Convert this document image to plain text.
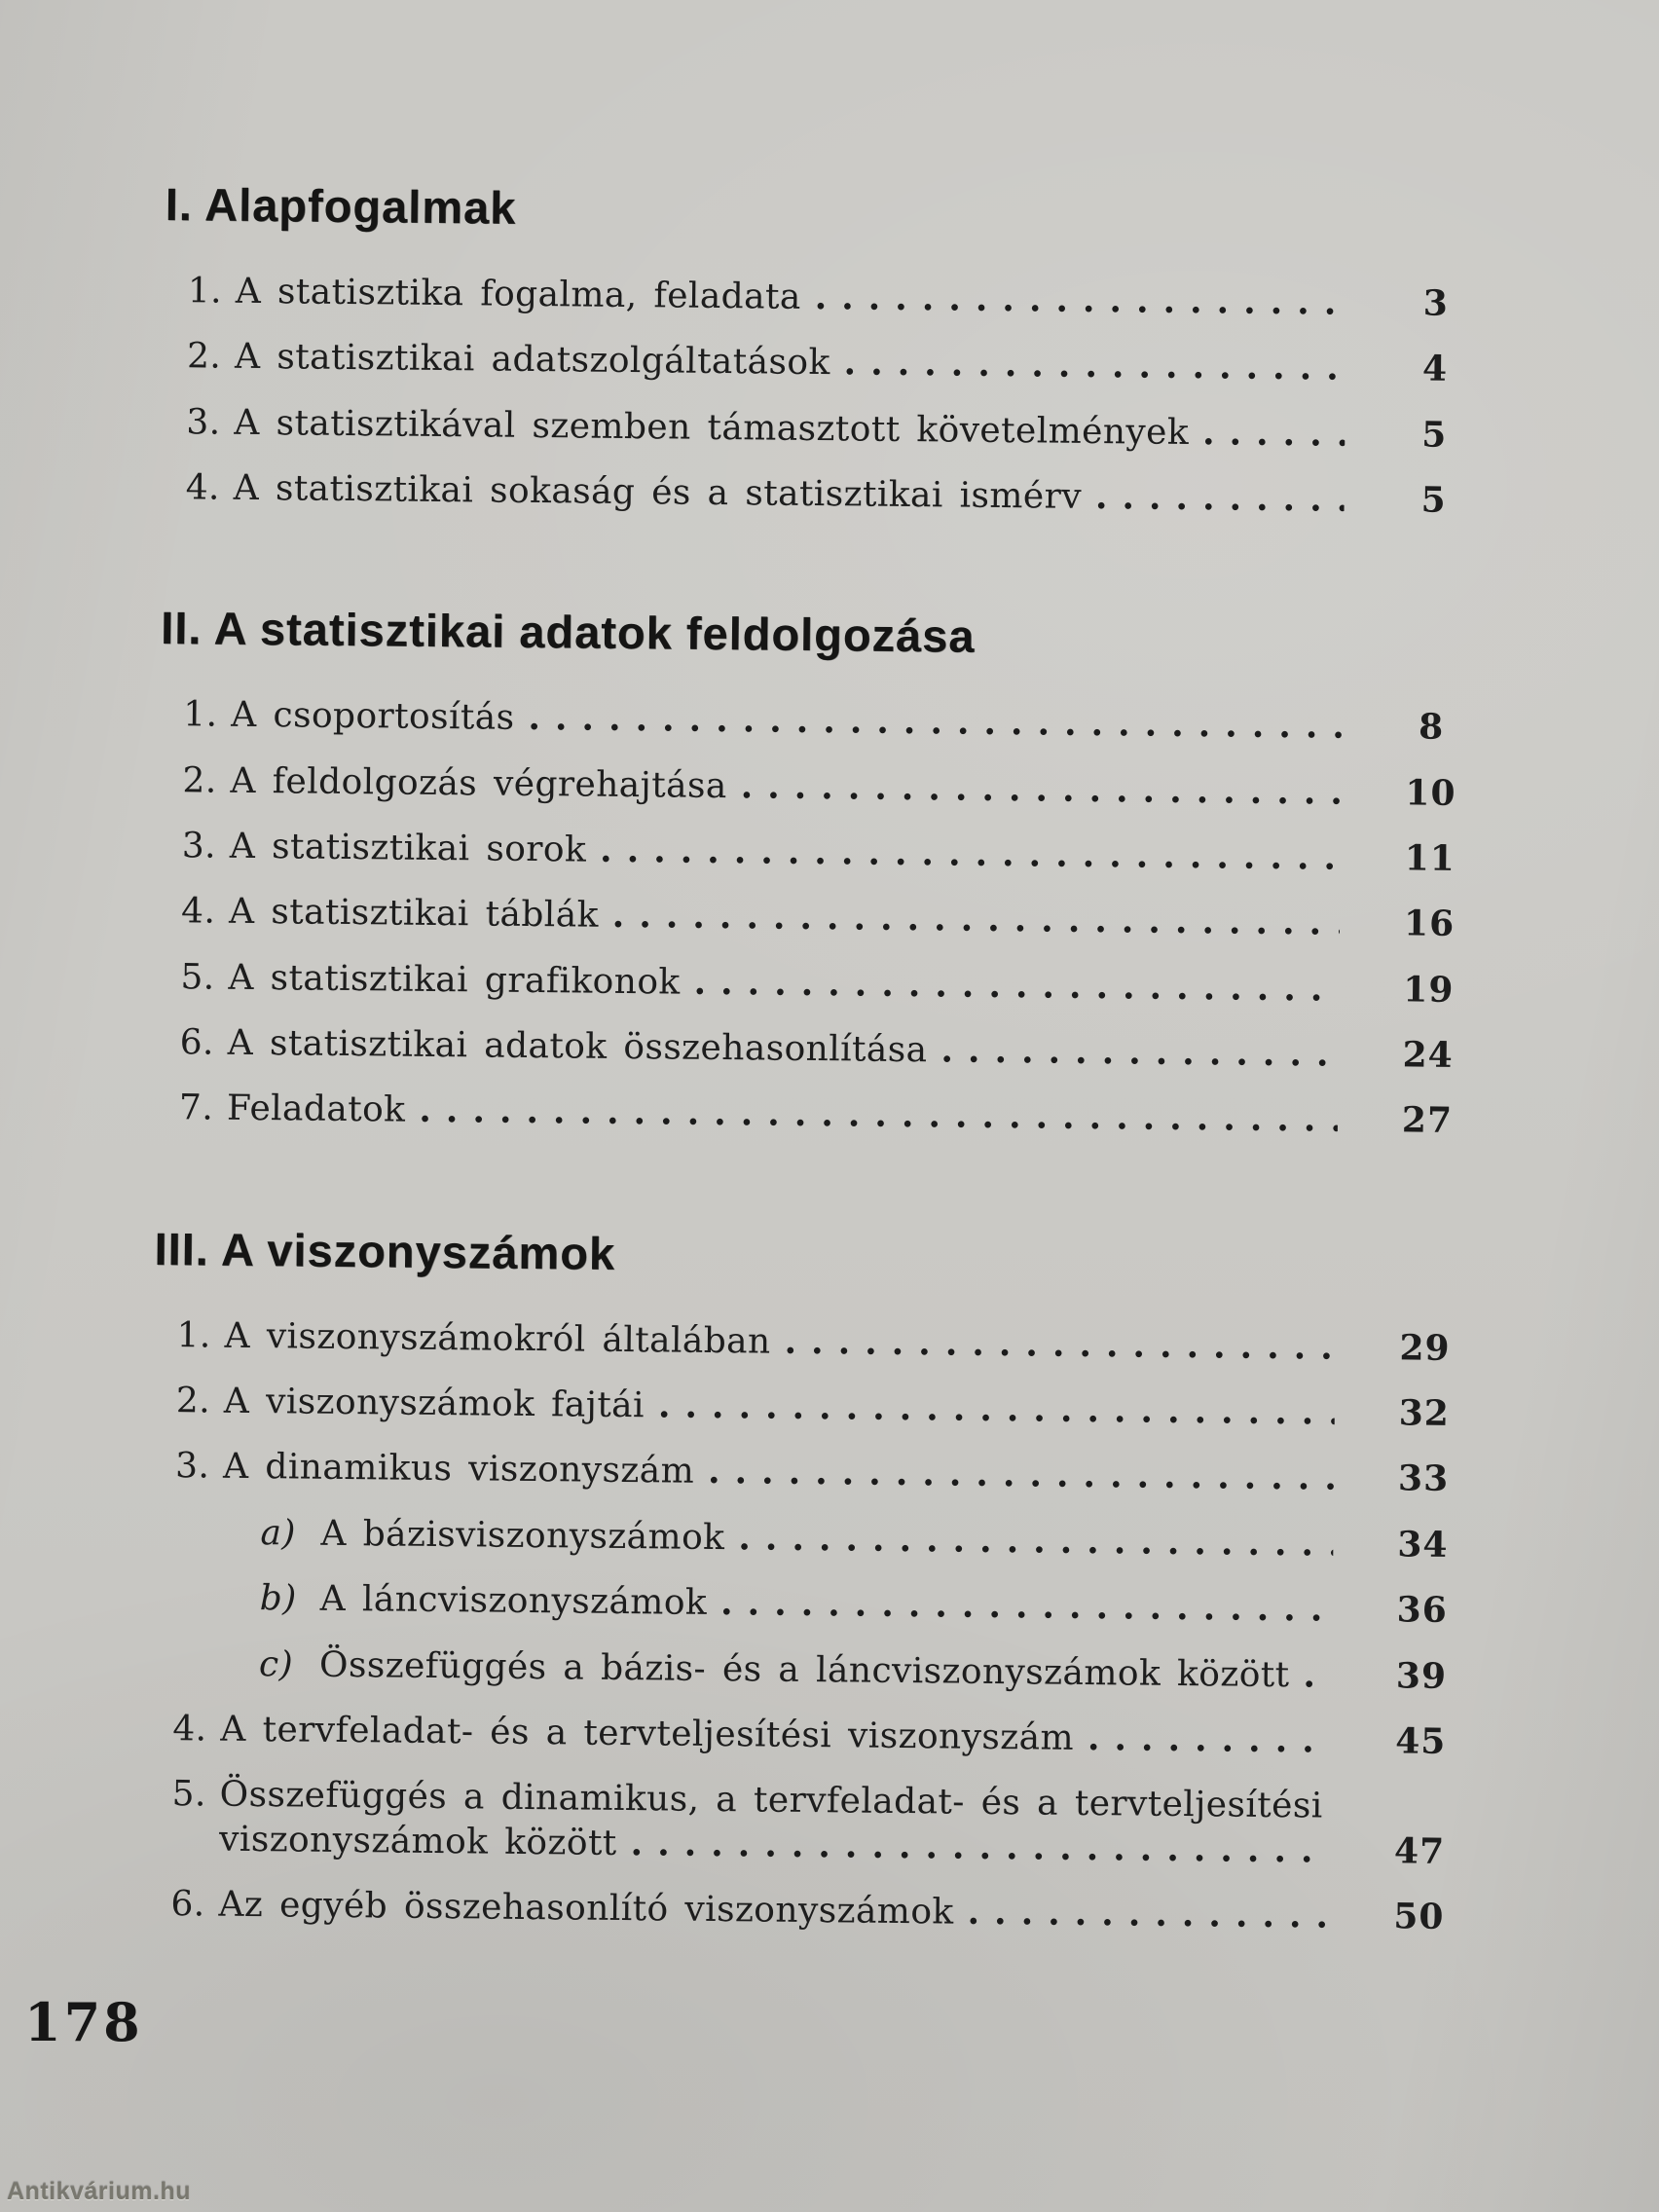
I. Alapfogalmak
1. A statisztika fogalma, feladata .....	3
2. A statisztikai adatszolgáltatások .....	4
3. A statisztikával szemben támasztott követelmények .....	5
4. A statisztikai sokaság és a statisztikai ismérv .....	5
II. A statisztikai adatok feldolgozása
1. A csoportosítás .....	8
2. A feldolgozás végrehajtása .....	10
3. A statisztikai sorok .....	11
4. A statisztikai táblák .....	16
5. A statisztikai grafikonok .....	19
6. A statisztikai adatok összehasonlítása .....	24
7. Feladatok .....	27
III. A viszonyszámok
1. A viszonyszámokról általában .....	29
2. A viszonyszámok fajtái .....	32
3. A dinamikus viszonyszám .....	33
a) A bázisviszonyszámok .....	34
b) A láncviszonyszámok .....	36
c) Összefüggés a bázis- és a láncviszonyszámok között .....	39
4. A tervfeladat- és a tervteljesítési viszonyszám .....	45
5. Összefüggés a dinamikus, a tervfeladat- és a tervteljesítési
viszonyszámok között .....	47
6. Az egyéb összehasonlító viszonyszámok .....	50
178
Antikvárium.hu
